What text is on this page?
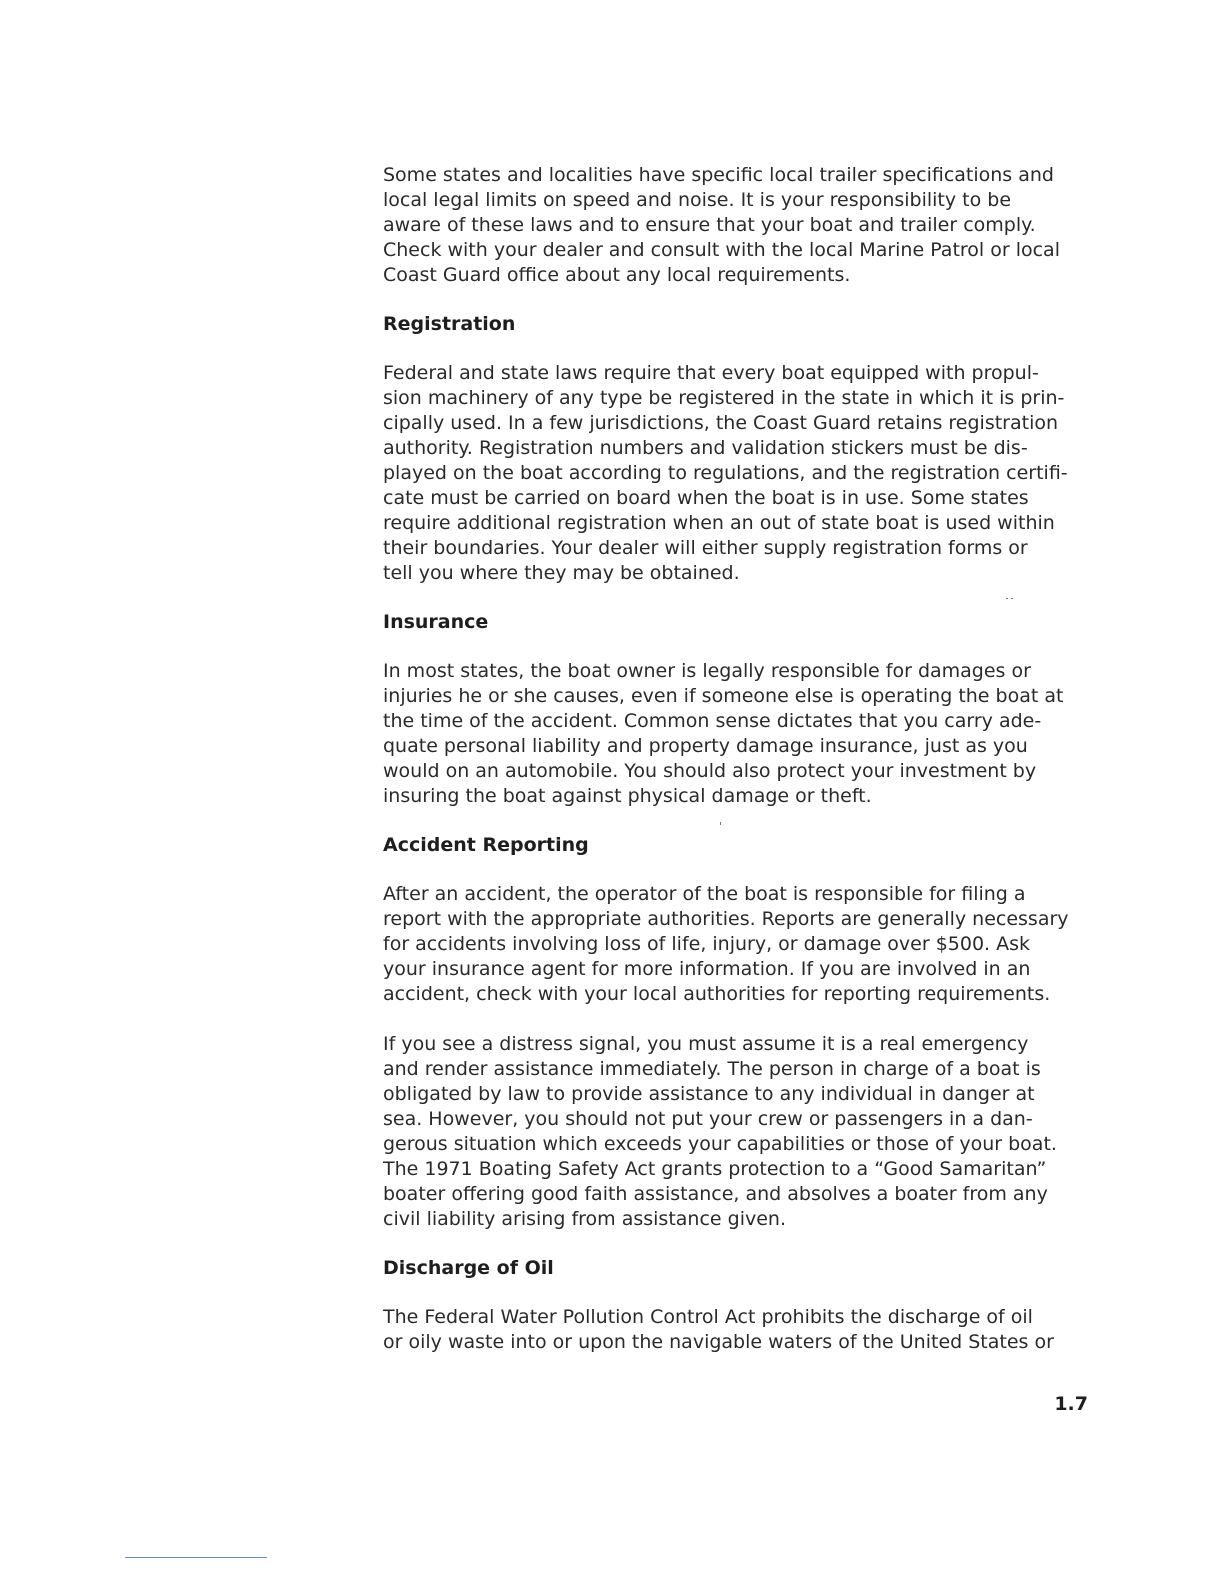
Some states and localities have specific local trailer specifications and
local legal limits on speed and noise. It is your responsibility to be
aware of these laws and to ensure that your boat and trailer comply.
Check with your dealer and consult with the local Marine Patrol or local
Coast Guard office about any local requirements.

Registration

Federal and state laws require that every boat equipped with propul-
sion machinery of any type be registered in the state in which it is prin-
cipally used. In a few jurisdictions, the Coast Guard retains registration
authority. Registration numbers and validation stickers must be dis-
played on the boat according to regulations, and the registration certifi-
cate must be carried on board when the boat is in use. Some states
require additional registration when an out of state boat is used within
their boundaries. Your dealer will either supply registration forms or
tell you where they may be obtained.

Insurance

In most states, the boat owner is legally responsible for damages or
injuries he or she causes, even if someone else is operating the boat at
the time of the accident. Common sense dictates that you carry ade-
quate personal liability and property damage insurance, just as you
would on an automobile. You should also protect your investment by
insuring the boat against physical damage or theft.

Accident Reporting

After an accident, the operator of the boat is responsible for filing a
report with the appropriate authorities. Reports are generally necessary
for accidents involving loss of life, injury, or damage over $500. Ask
your insurance agent for more information. If you are involved in an
accident, check with your local authorities for reporting requirements.

If you see a distress signal, you must assume it is a real emergency
and render assistance immediately. The person in charge of a boat is
obligated by law to provide assistance to any individual in danger at
sea. However, you should not put your crew or passengers in a dan-
gerous situation which exceeds your capabilities or those of your boat.
The 1971 Boating Safety Act grants protection to a “Good Samaritan”
boater offering good faith assistance, and absolves a boater from any
civil liability arising from assistance given.

Discharge of Oil

The Federal Water Pollution Control Act prohibits the discharge of oil
or oily waste into or upon the navigable waters of the United States or

1.7
